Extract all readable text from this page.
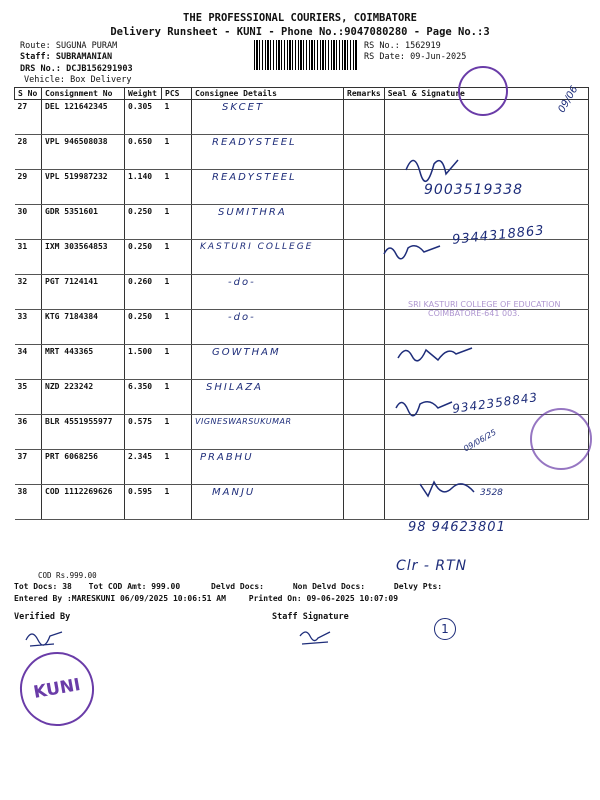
THE PROFESSIONAL COURIERS, COIMBATORE
Delivery Runsheet - KUNI - Phone No.:9047080280 - Page No.:3
Route: SUGUNA PURAM
Staff: SUBRAMANIAN
DRS No.: DCJB156291903
Vehicle: Box Delivery
RS No.: 1562919
RS Date: 09-Jun-2025
S No	Consignment No	Weight	PCS	Consignee Details	Remarks	Seal & Signature
27	DEL 121642345	0.305	1	SKCET		
28	VPL 946508038	0.650	1	READYSTEEL		
29	VPL 519987232	1.140	1	READYSTEEL		
30	GDR 5351601	0.250	1	SUMITHRA		
31	IXM 303564853	0.250	1	KASTURI COLLEGE		
32	PGT 7124141	0.260	1	-do-		
33	KTG 7184384	0.250	1	-do-		
34	MRT 443365	1.500	1	GOWTHAM		
35	NZD 223242	6.350	1	SHILAZA		
36	BLR 4551955977	0.575	1	VIGNESWARSUKUMAR		
37	PRT 6068256	2.345	1	PRABHU		
38	COD 1112269626	0.595	1	MANJU		
COD Rs.999.00
9003519338
9344318863
9342358843
98 94623801
Clr - RTN
3528
09/06/25
09/06
SRI KASTURI COLLEGE OF EDUCATION
COIMBATORE-641 003.
Tot Docs: 38 Tot COD Amt: 999.00	Delvd Docs:	Non Delvd Docs:	Delvy Pts:
Entered By :MARESKUNI 06/09/2025 10:06:51 AM	Printed On: 09-06-2025 10:07:09
Verified By	Staff Signature
1
KUNI
